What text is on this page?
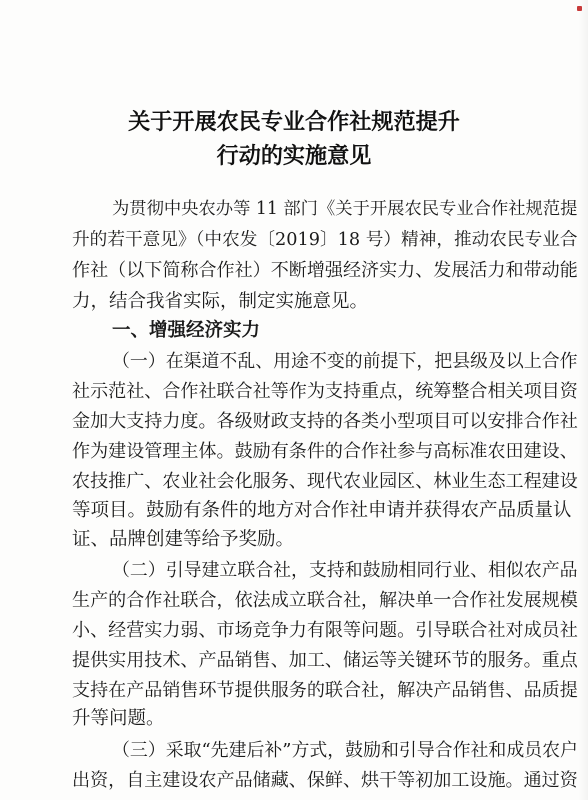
关于开展农民专业合作社规范提升
行动的实施意见
为贯彻中央农办等 11 部门《关于开展农民专业合作社规范提
升的若干意见》（中农发〔2019〕18 号）精神，推动农民专业合
作社（以下简称合作社）不断增强经济实力、发展活力和带动能
力，结合我省实际，制定实施意见。
一、增强经济实力
（一）在渠道不乱、用途不变的前提下，把县级及以上合作
社示范社、合作社联合社等作为支持重点，统筹整合相关项目资
金加大支持力度。各级财政支持的各类小型项目可以安排合作社
作为建设管理主体。鼓励有条件的合作社参与高标准农田建设、
农技推广、农业社会化服务、现代农业园区、林业生态工程建设
等项目。鼓励有条件的地方对合作社申请并获得农产品质量认
证、品牌创建等给予奖励。
（二）引导建立联合社，支持和鼓励相同行业、相似农产品
生产的合作社联合，依法成立联合社，解决单一合作社发展规模
小、经营实力弱、市场竞争力有限等问题。引导联合社对成员社
提供实用技术、产品销售、加工、储运等关键环节的服务。重点
支持在产品销售环节提供服务的联合社，解决产品销售、品质提
升等问题。
（三）采取“先建后补”方式，鼓励和引导合作社和成员农户
出资，自主建设农产品储藏、保鲜、烘干等初加工设施。通过资
